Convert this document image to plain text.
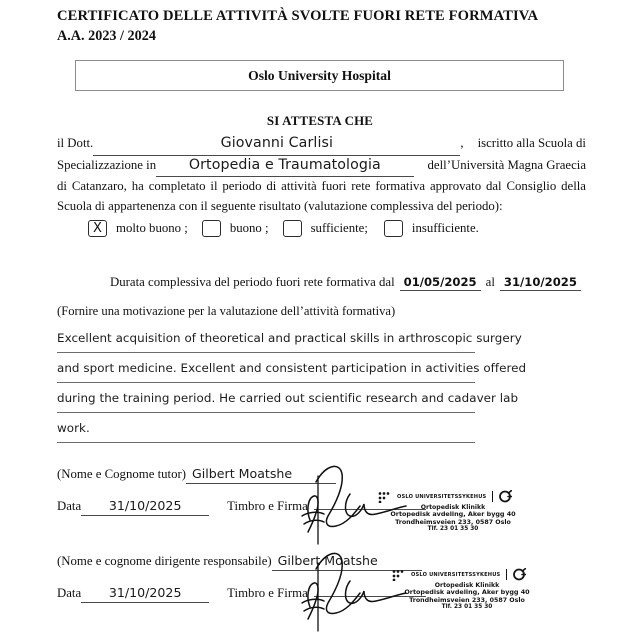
CERTIFICATO DELLE ATTIVITÀ SVOLTE FUORI RETE FORMATIVA
A.A. 2023 / 2024
Oslo University Hospital
SI ATTESTA CHE
il Dott.	Giovanni Carlisi	, iscritto alla Scuola di
Specializzazione in	Ortopedia e Traumatologia	dell’Università Magna Graecia
di Catanzaro, ha completato il periodo di attività fuori rete formativa approvato dal Consiglio della
Scuola di appartenenza con il seguente risultato (valutazione complessiva del periodo):
X molto buono ;	buono ;	sufficiente;	insufficiente.
Durata complessiva del periodo fuori rete formativa dal 01/05/2025 al 31/10/2025
(Fornire una motivazione per la valutazione dell’attività formativa)
Excellent acquisition of theoretical and practical skills in arthroscopic surgery
and sport medicine. Excellent and consistent participation in activities offered
during the training period. He carried out scientific research and cadaver lab
work.
(Nome e Cognome tutor) Gilbert Moatshe
Data	31/10/2025	Timbro e Firma
OSLO UNIVERSITETSSYKEHUS
Ortopedisk Klinikk
Ortopedisk avdeling, Aker bygg 40
Trondheimsveien 233, 0587 Oslo
Tlf. 23 01 35 30
(Nome e cognome dirigente responsabile) Gilbert Moatshe
Data	31/10/2025	Timbro e Firma
OSLO UNIVERSITETSSYKEHUS
Ortopedisk Klinikk
Ortopedisk avdeling, Aker bygg 40
Trondheimsveien 233, 0587 Oslo
Tlf. 23 01 35 30
